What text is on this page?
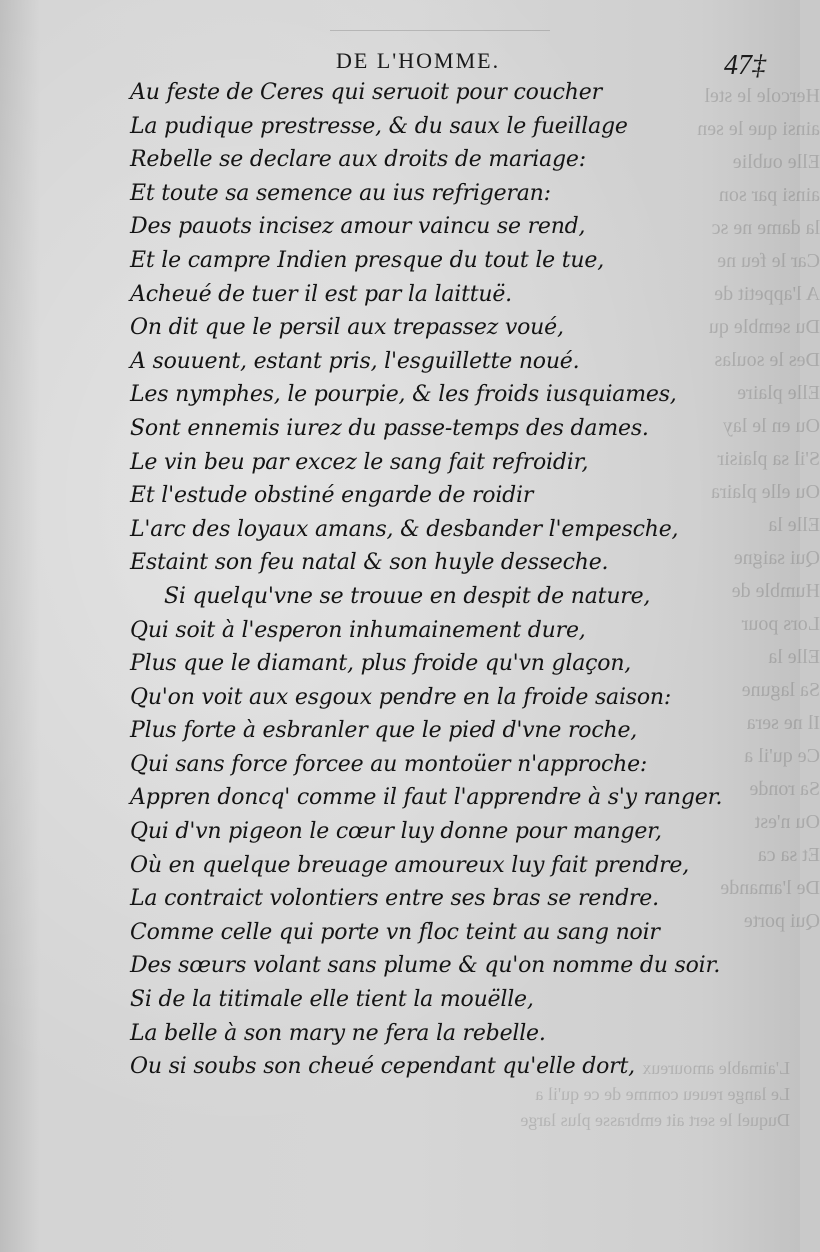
Hercole le stel
ainsi que le sen
Elle oublie
ainsi par son
la dame ne sc
Car le feu ne
A l'appetit de
Du semble qu
Des le soulas
Elle plaire
Ou en le lay
S'il sa plaisir
Ou elle plaira
Elle la
Qui saigne
Humble de
Lors pour
Elle la
Sa lagune
Il ne sera
Ce qu'il a
Sa ronde
Ou n'est
Et sa ca
De l'amande
Qui porte
L'aimable amoureux
Le lange reueu comme de ce qu'il a
Duquel le sert ait embrasse plus large
DE L'HOMME.	47‡
Au feste de Ceres qui seruoit pour coucher
La pudique prestresse, & du saux le fueillage
Rebelle se declare aux droits de mariage:
Et toute sa semence au ius refrigeran:
Des pauots incisez amour vaincu se rend,
Et le campre Indien presque du tout le tue,
Acheué de tuer il est par la laittuë.
On dit que le persil aux trepassez voué,
A souuent, estant pris, l'esguillette noué.
Les nymphes, le pourpie, & les froids iusquiames,
Sont ennemis iurez du passe-temps des dames.
Le vin beu par excez le sang fait refroidir,
Et l'estude obstiné engarde de roidir
L'arc des loyaux amans, & desbander l'empesche,
Estaint son feu natal & son huyle desseche.
Si quelqu'vne se trouue en despit de nature,
Qui soit à l'esperon inhumainement dure,
Plus que le diamant, plus froide qu'vn glaçon,
Qu'on voit aux esgoux pendre en la froide saison:
Plus forte à esbranler que le pied d'vne roche,
Qui sans force forcee au montoüer n'approche:
Appren doncq' comme il faut l'apprendre à s'y ranger.
Qui d'vn pigeon le cœur luy donne pour manger,
Où en quelque breuage amoureux luy fait prendre,
La contraict volontiers entre ses bras se rendre.
Comme celle qui porte vn floc teint au sang noir
Des sœurs volant sans plume & qu'on nomme du soir.
Si de la titimale elle tient la mouëlle,
La belle à son mary ne fera la rebelle.
Ou si soubs son cheué cependant qu'elle dort,
